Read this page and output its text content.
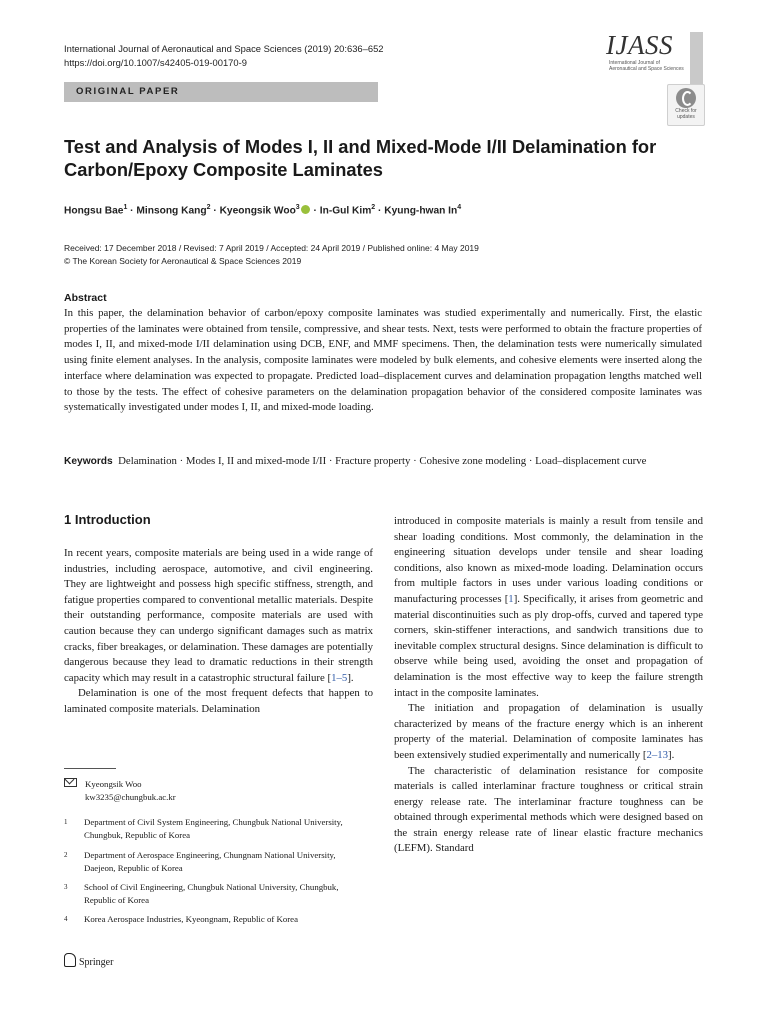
International Journal of Aeronautical and Space Sciences (2019) 20:636–652
https://doi.org/10.1007/s42405-019-00170-9
IJASS
International Journal of Aeronautical and Space Sciences
ORIGINAL PAPER
Check for
updates
Test and Analysis of Modes I, II and Mixed-Mode I/II Delamination for Carbon/Epoxy Composite Laminates
Hongsu Bae$^1$ · Minsong Kang$^2$ · Kyeongsik Woo$^3$ · In-Gul Kim$^2$ · Kyung-hwan In$^4$
Received: 17 December 2018 / Revised: 7 April 2019 / Accepted: 24 April 2019 / Published online: 4 May 2019
© The Korean Society for Aeronautical & Space Sciences 2019
Abstract
In this paper, the delamination behavior of carbon/epoxy composite laminates was studied experimentally and numerically. First, the elastic properties of the laminates were obtained from tensile, compressive, and shear tests. Next, tests were performed to obtain the fracture properties of modes I, II, and mixed-mode I/II delamination using DCB, ENF, and MMF specimens. Then, the delamination tests were numerically simulated using finite element analyses. In the analysis, composite laminates were modeled by bulk elements, and cohesive elements were inserted along the interface where delamination was expected to propagate. Predicted load–displacement curves and delamination propagation lengths matched well to those by the tests. The effect of cohesive parameters on the delamination propagation behavior of the considered composite laminates was systematically investigated under modes I, II, and mixed-mode loading.
Keywords Delamination · Modes I, II and mixed-mode I/II · Fracture property · Cohesive zone modeling · Load–displacement curve
1 Introduction

In recent years, composite materials are being used in a wide range of industries, including aerospace, automotive, and civil engineering. They are lightweight and possess high specific stiffness, strength, and fatigue properties compared to conventional metallic materials. Despite their outstanding performance, composite materials are used with caution because they can undergo significant damages such as matrix cracks, fiber breakages, or delamination. These damages are potentially dangerous because they lead to dramatic reductions in their strength capacity which may result in a catastrophic structural failure [1–5].

Delamination is one of the most frequent defects that happen to laminated composite materials. Delamination

introduced in composite materials is mainly a result from tensile and shear loading conditions. Most commonly, the delamination in the engineering situation develops under tensile and shear loading conditions, also known as mixed-mode loading. Delamination occurs from multiple factors in uses under various loading conditions or manufacturing processes [1]. Specifically, it arises from geometric and material discontinuities such as ply drop-offs, curved and tapered type corners, skin-stiffener interactions, and sandwich transitions due to inevitable complex structural designs. Since delamination is difficult to observe while being used, avoiding the onset and propagation of delamination is the most effective way to keep the failure strength intact in the composite laminates.

The initiation and propagation of delamination is usually characterized by means of the fracture energy which is an inherent property of the material. Delamination of composite laminates has been extensively studied experimentally and numerically [2–13].

The characteristic of delamination resistance for composite materials is called interlaminar fracture toughness or critical strain energy release rate. The interlaminar fracture toughness can be obtained through experimental methods which were designed based on the strain energy release rate of linear elastic fracture mechanics (LEFM). Standard

Kyeongsik Woo
kw3235@chungbuk.ac.kr
1 Department of Civil System Engineering, Chungbuk National University, Chungbuk, Republic of Korea
2 Department of Aerospace Engineering, Chungnam National University, Daejeon, Republic of Korea
3 School of Civil Engineering, Chungbuk National University, Chungbuk, Republic of Korea
4 Korea Aerospace Industries, Kyeongnam, Republic of Korea
Springer
